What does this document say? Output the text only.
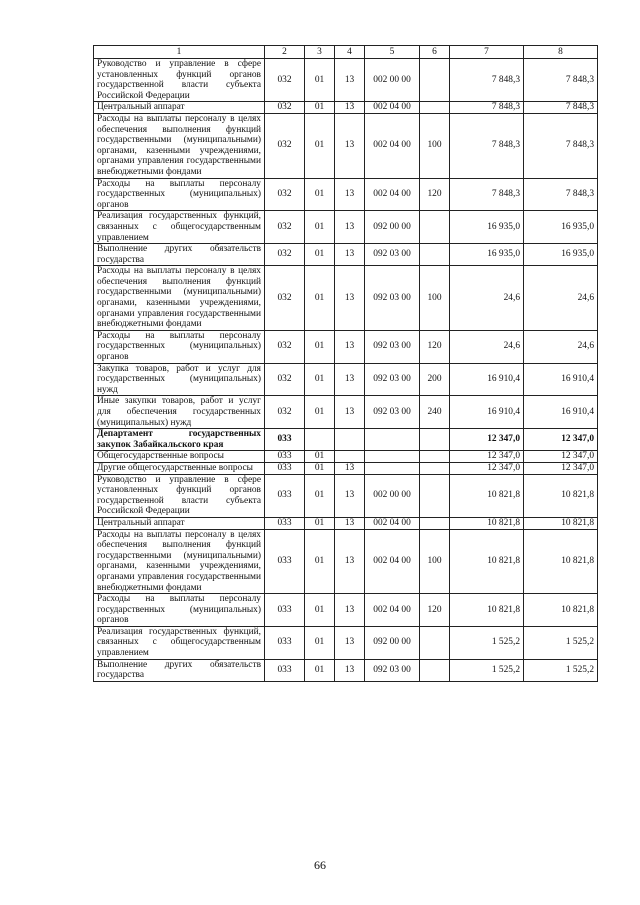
1	2	3	4	5	6	7	8
Руководство и управление в сфере установленных функций органов государственной власти субъекта Российской Федерации	032	01	13	002 00 00		7 848,3	7 848,3
Центральный аппарат	032	01	13	002 04 00		7 848,3	7 848,3
Расходы на выплаты персоналу в целях обеспечения выполнения функций государственными (муниципальными) органами, казенными учреждениями, органами управления государственными внебюджетными фондами	032	01	13	002 04 00	100	7 848,3	7 848,3
Расходы на выплаты персоналу государственных (муниципальных) органов	032	01	13	002 04 00	120	7 848,3	7 848,3
Реализация государственных функций, связанных с общегосударственным управлением	032	01	13	092 00 00		16 935,0	16 935,0
Выполнение других обязательств государства	032	01	13	092 03 00		16 935,0	16 935,0
Расходы на выплаты персоналу в целях обеспечения выполнения функций государственными (муниципальными) органами, казенными учреждениями, органами управления государственными внебюджетными фондами	032	01	13	092 03 00	100	24,6	24,6
Расходы на выплаты персоналу государственных (муниципальных) органов	032	01	13	092 03 00	120	24,6	24,6
Закупка товаров, работ и услуг для государственных (муниципальных) нужд	032	01	13	092 03 00	200	16 910,4	16 910,4
Иные закупки товаров, работ и услуг для обеспечения государственных (муниципальных) нужд	032	01	13	092 03 00	240	16 910,4	16 910,4
Департамент государственных закупок Забайкальского края	033					12 347,0	12 347,0
Общегосударственные вопросы	033	01				12 347,0	12 347,0
Другие общегосударственные вопросы	033	01	13			12 347,0	12 347,0
Руководство и управление в сфере установленных функций органов государственной власти субъекта Российской Федерации	033	01	13	002 00 00		10 821,8	10 821,8
Центральный аппарат	033	01	13	002 04 00		10 821,8	10 821,8
Расходы на выплаты персоналу в целях обеспечения выполнения функций государственными (муниципальными) органами, казенными учреждениями, органами управления государственными внебюджетными фондами	033	01	13	002 04 00	100	10 821,8	10 821,8
Расходы на выплаты персоналу государственных (муниципальных) органов	033	01	13	002 04 00	120	10 821,8	10 821,8
Реализация государственных функций, связанных с общегосударственным управлением	033	01	13	092 00 00		1 525,2	1 525,2
Выполнение других обязательств государства	033	01	13	092 03 00		1 525,2	1 525,2
66
